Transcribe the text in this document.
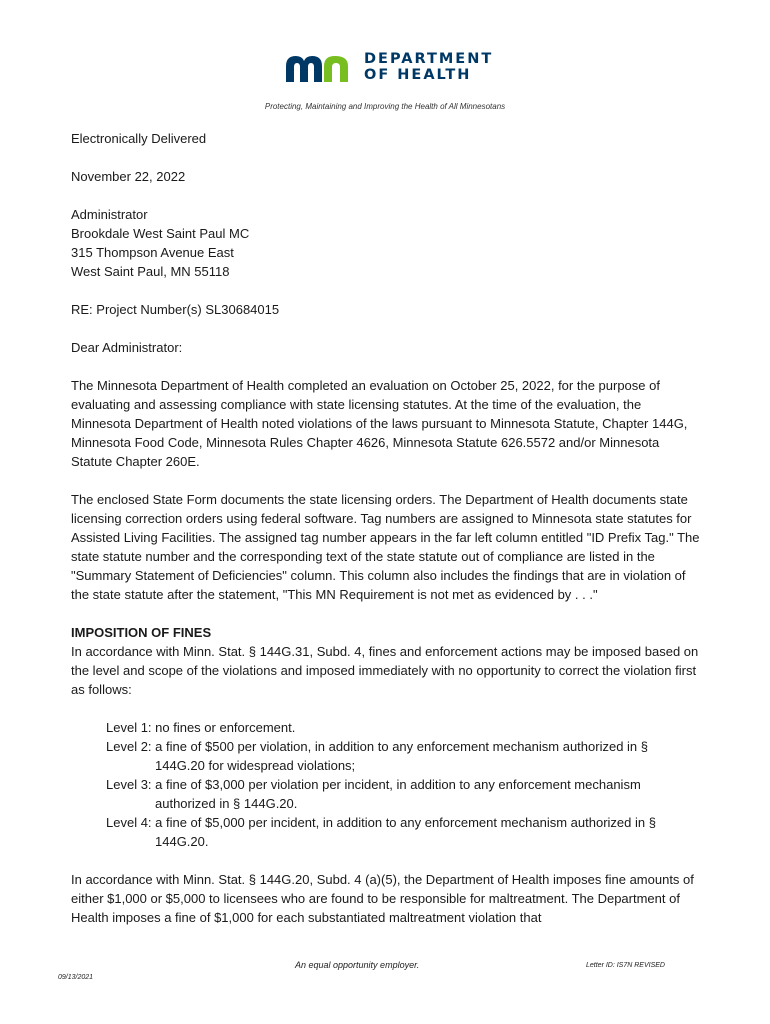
DEPARTMENT
OF HEALTH
Protecting, Maintaining and Improving the Health of All Minnesotans

Electronically Delivered

November 22, 2022

Administrator
Brookdale West Saint Paul MC
315 Thompson Avenue East
West Saint Paul, MN 55118

RE: Project Number(s) SL30684015

Dear Administrator:

The Minnesota Department of Health completed an evaluation on October 25, 2022, for the purpose of evaluating and assessing compliance with state licensing statutes. At the time of the evaluation, the Minnesota Department of Health noted violations of the laws pursuant to Minnesota Statute, Chapter 144G, Minnesota Food Code, Minnesota Rules Chapter 4626, Minnesota Statute 626.5572 and/or Minnesota Statute Chapter 260E.

The enclosed State Form documents the state licensing orders. The Department of Health documents state licensing correction orders using federal software. Tag numbers are assigned to Minnesota state statutes for Assisted Living Facilities. The assigned tag number appears in the far left column entitled "ID Prefix Tag." The state statute number and the corresponding text of the state statute out of compliance are listed in the "Summary Statement of Deficiencies" column. This column also includes the findings that are in violation of the state statute after the statement, "This MN Requirement is not met as evidenced by . . ."

IMPOSITION OF FINES

In accordance with Minn. Stat. § 144G.31, Subd. 4, fines and enforcement actions may be imposed based on the level and scope of the violations and imposed immediately with no opportunity to correct the violation first as follows:

Level 1: no fines or enforcement.
Level 2: a fine of $500 per violation, in addition to any enforcement mechanism authorized in § 144G.20 for widespread violations;
Level 3: a fine of $3,000 per violation per incident, in addition to any enforcement mechanism authorized in § 144G.20.
Level 4: a fine of $5,000 per incident, in addition to any enforcement mechanism authorized in § 144G.20.

In accordance with Minn. Stat. § 144G.20, Subd. 4 (a)(5), the Department of Health imposes fine amounts of either $1,000 or $5,000 to licensees who are found to be responsible for maltreatment. The Department of Health imposes a fine of $1,000 for each substantiated maltreatment violation that

An equal opportunity employer.	Letter ID: IS7N REVISED
09/13/2021
